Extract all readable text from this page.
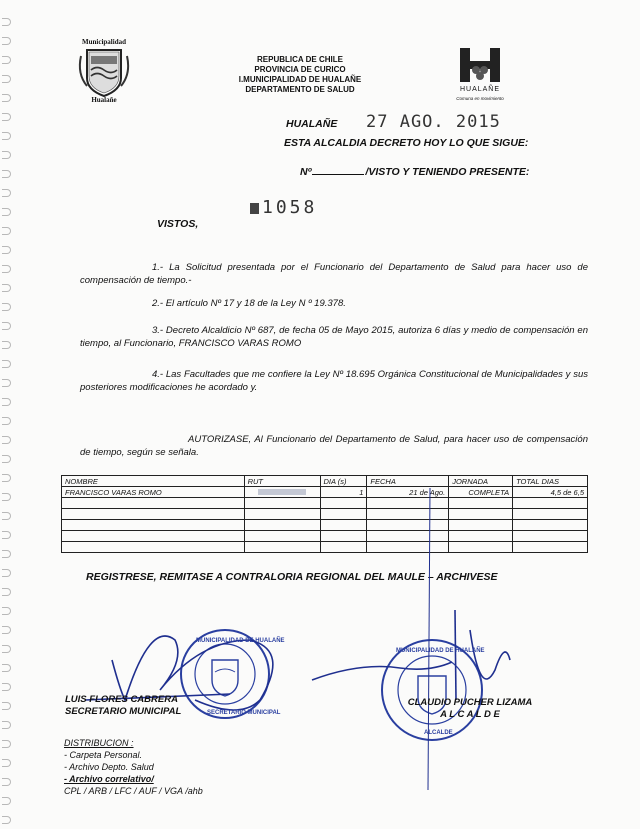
Municipalidad
Hualañe
REPUBLICA DE CHILE
PROVINCIA DE CURICO
I.MUNICIPALIDAD DE HUALAÑE
DEPARTAMENTO DE SALUD	HUALAÑE
Comuna en movimiento
HUALAÑE 27 AGO. 2015
ESTA ALCALDIA DECRETO HOY LO QUE SIGUE:
Nº	/VISTO Y TENIENDO PRESENTE:
1058
VISTOS,
1.- La Solicitud presentada por el Funcionario del Departamento de Salud para hacer uso de compensación de tiempo.-
2.- El artículo Nº 17 y 18 de la Ley N º 19.378.
3.- Decreto Alcaldicio Nº 687, de fecha 05 de Mayo 2015, autoriza 6 días y medio de compensación en tiempo, al Funcionario, FRANCISCO VARAS ROMO
4.- Las Facultades que me confiere la Ley Nº 18.695 Orgánica Constitucional de Municipalidades y sus posteriores modificaciones he acordado y.
AUTORIZASE, Al Funcionario del Departamento de Salud, para hacer uso de compensación de tiempo, según se señala.
NOMBRE	RUT	DIA (s)	FECHA	JORNADA	TOTAL DIAS
FRANCISCO VARAS ROMO		1	21 de Ago.	COMPLETA	4,5 de 6,5

REGISTRESE, REMITASE A CONTRALORIA REGIONAL DEL MAULE – ARCHIVESE
MUNICIPALIDAD DE HUALAÑE
SECRETARIO MUNICIPAL
MUNICIPALIDAD DE HUALAÑE
ALCALDE
LUIS FLORES CABRERA
SECRETARIO MUNICIPAL
CLAUDIO PUCHER LIZAMA
A L C A L D E
DISTRIBUCION :
- Carpeta Personal.
- Archivo Depto. Salud
- Archivo correlativo/
CPL / ARB / LFC / AUF / VGA /ahb
